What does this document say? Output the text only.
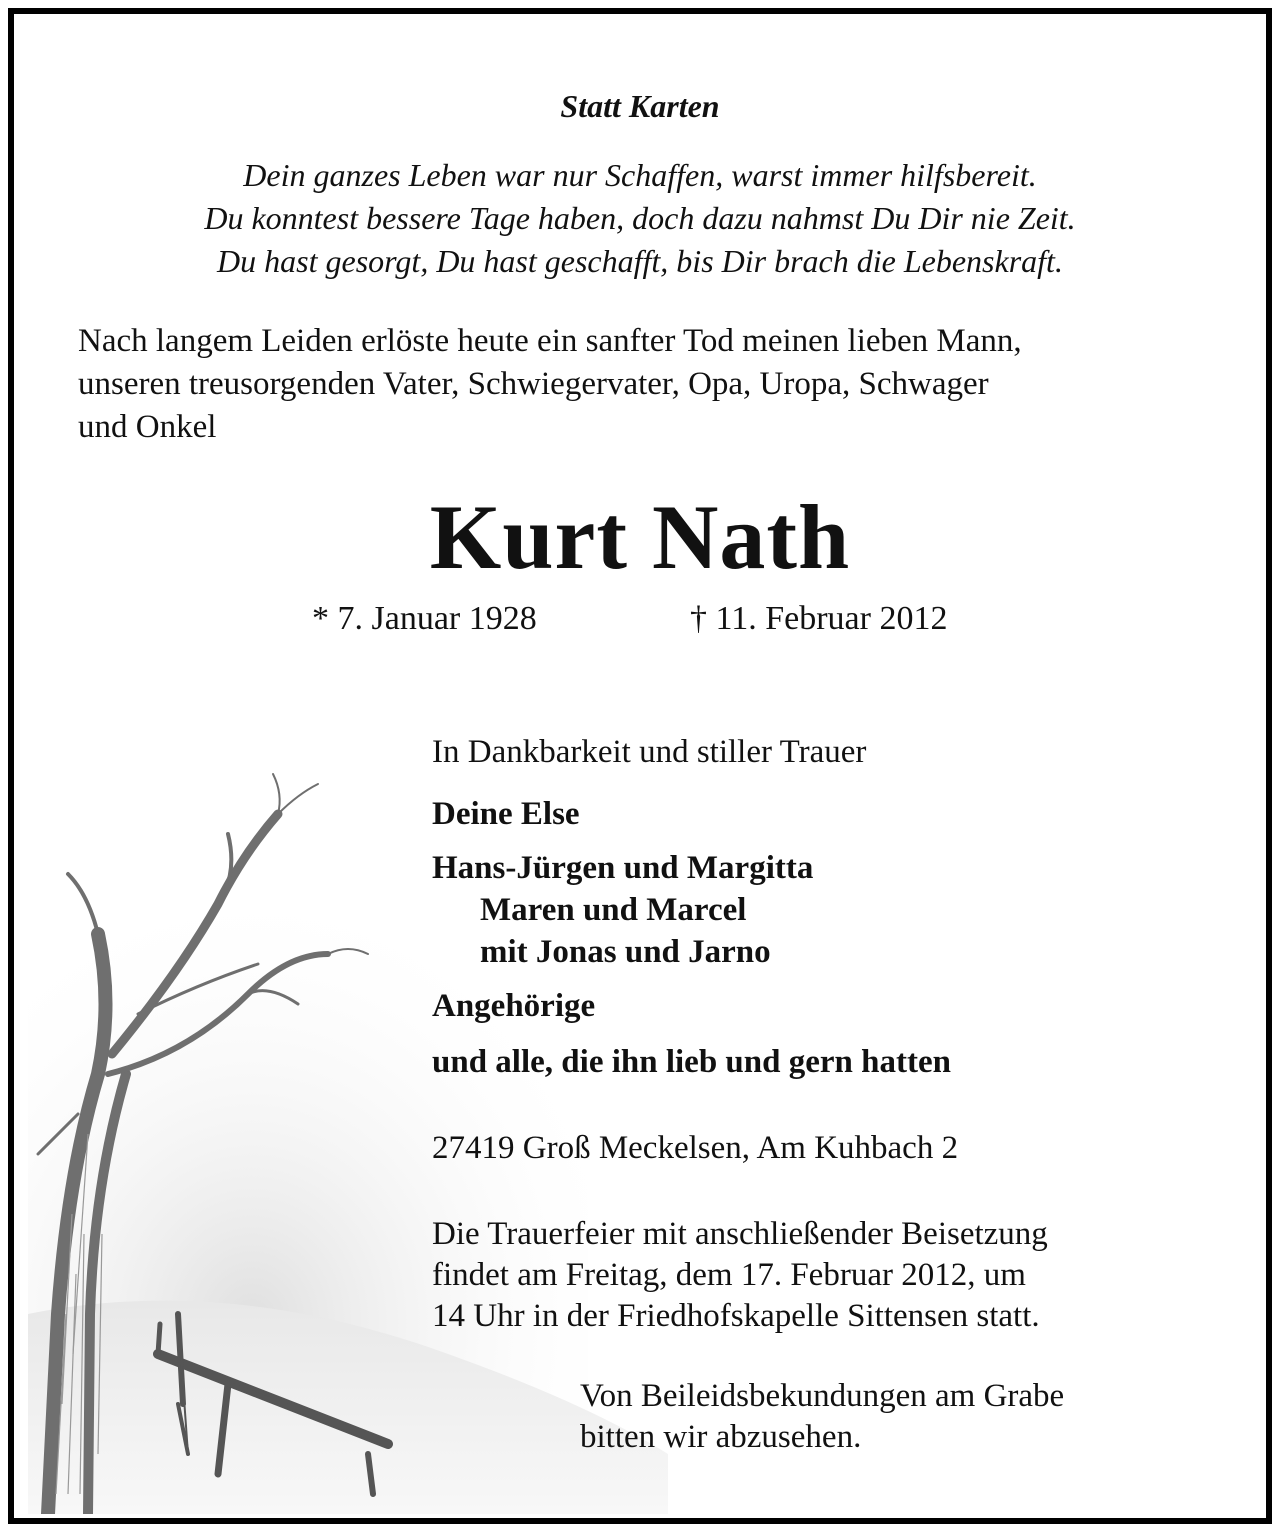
Statt Karten
Dein ganzes Leben war nur Schaffen, warst immer hilfsbereit.
Du konntest bessere Tage haben, doch dazu nahmst Du Dir nie Zeit.
Du hast gesorgt, Du hast geschafft, bis Dir brach die Lebenskraft.
Nach langem Leiden erlöste heute ein sanfter Tod meinen lieben Mann,
unseren treusorgenden Vater, Schwiegervater, Opa, Uropa, Schwager
und Onkel
Kurt Nath
* 7. Januar 1928	† 11. Februar 2012
In Dankbarkeit und stiller Trauer
Deine Else
Hans-Jürgen und Margitta
Maren und Marcel
mit Jonas und Jarno
Angehörige
und alle, die ihn lieb und gern hatten
27419 Groß Meckelsen, Am Kuhbach 2
Die Trauerfeier mit anschließender Beisetzung
findet am Freitag, dem 17. Februar 2012, um
14 Uhr in der Friedhofskapelle Sittensen statt.
Von Beileidsbekundungen am Grabe
bitten wir abzusehen.
